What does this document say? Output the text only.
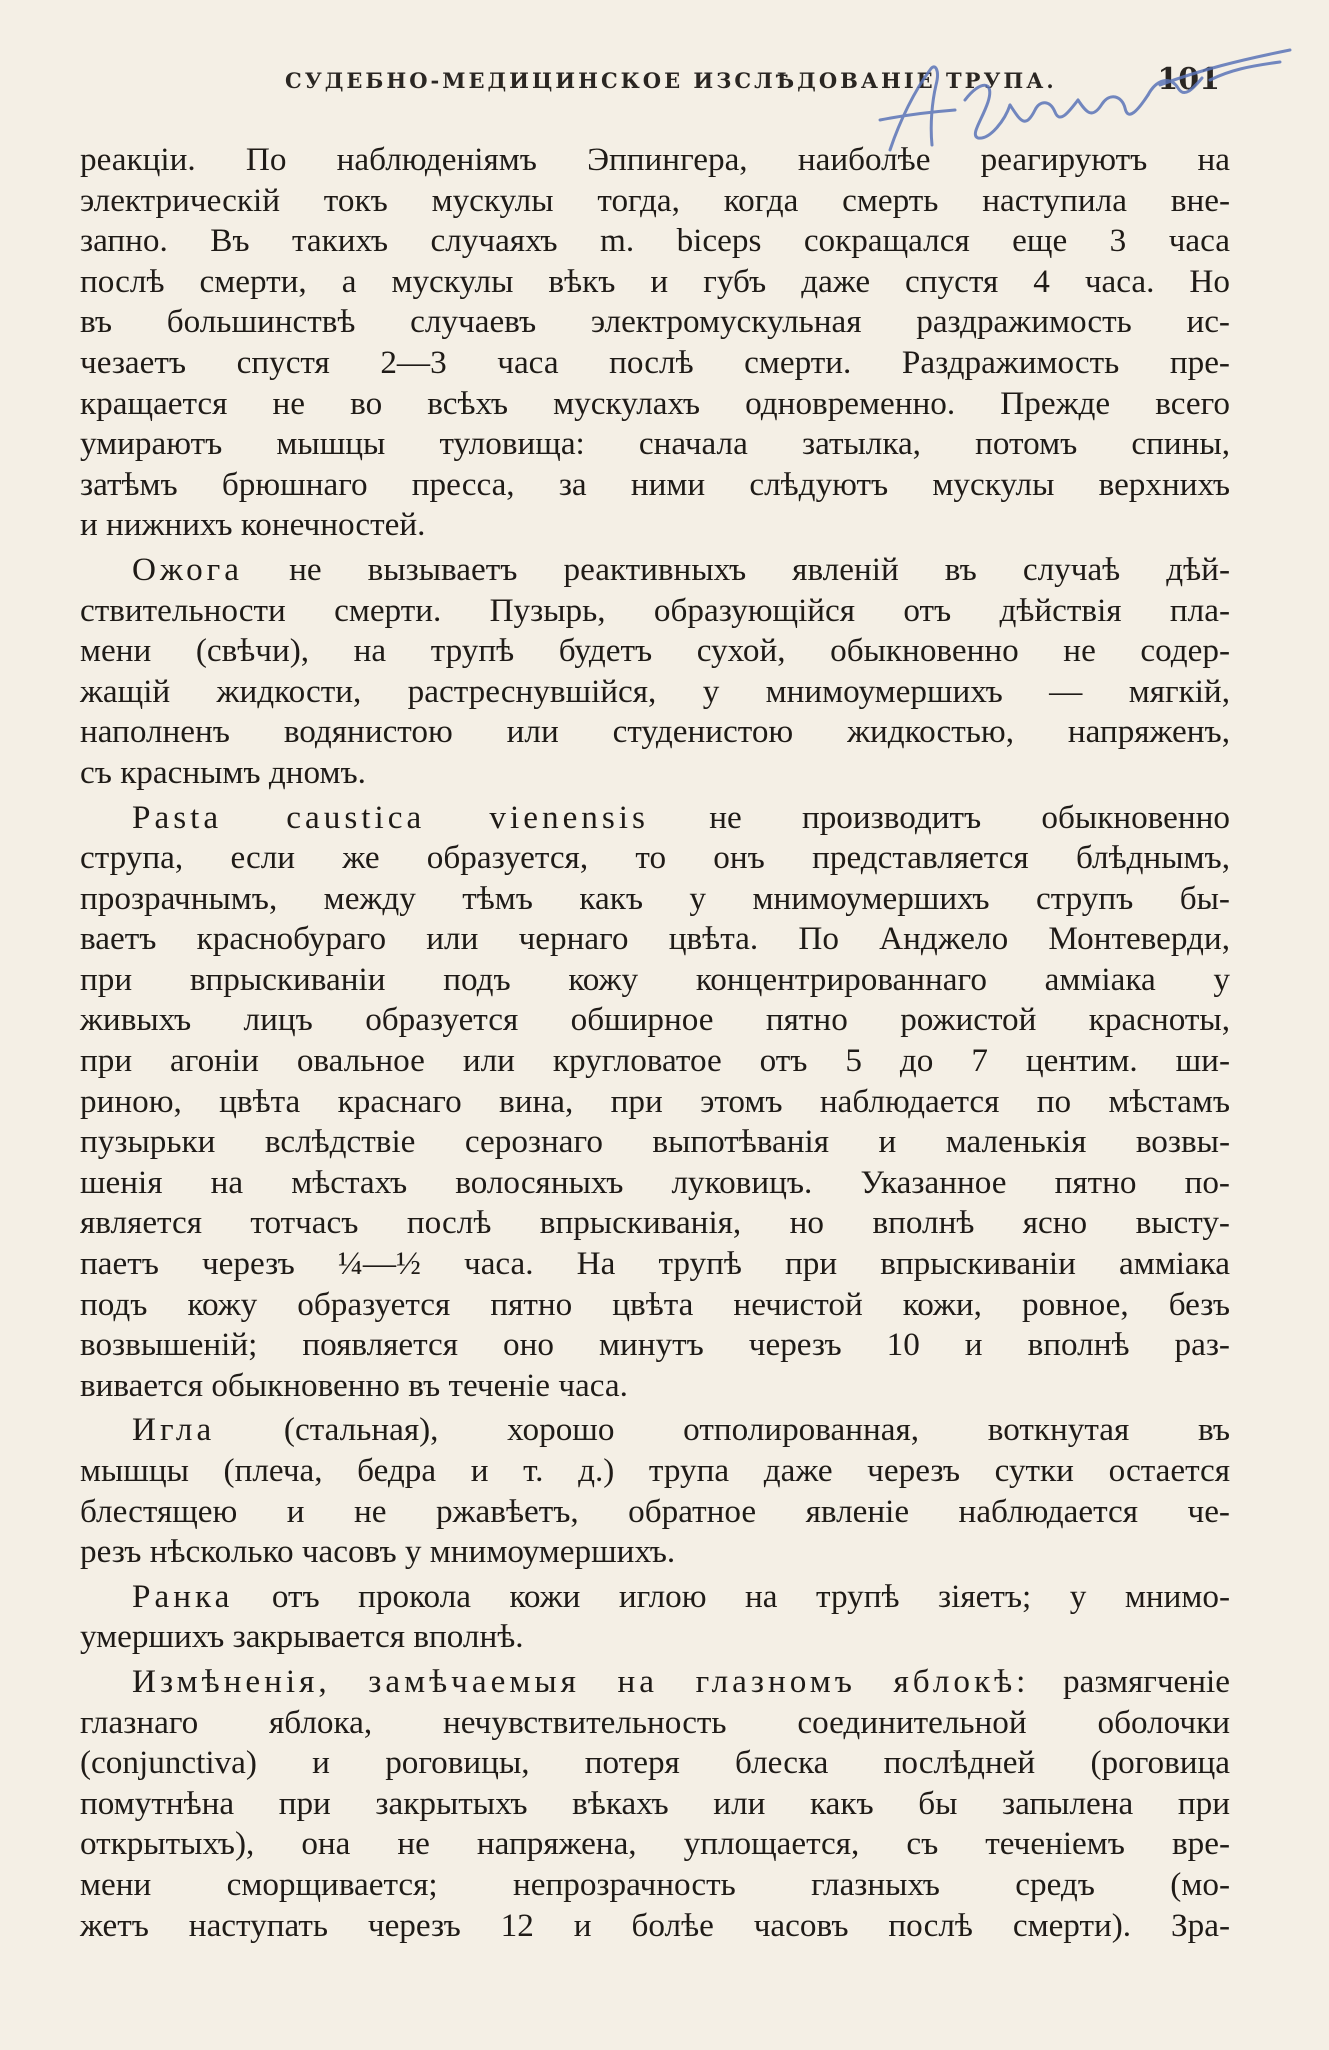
СУДЕБНО-МЕДИЦИНСКОЕ ИЗСЛѢДОВАНІЕ ТРУПА.	101
реакціи. По наблюденіямъ Эппингера, наиболѣе реагируютъ на
электрическій токъ мускулы тогда, когда смерть наступила вне-
запно. Въ такихъ случаяхъ m. biceps сокращался еще 3 часа
послѣ смерти, а мускулы вѣкъ и губъ даже спустя 4 часа. Но
въ большинствѣ случаевъ электромускульная раздражимость ис-
чезаетъ спустя 2—3 часа послѣ смерти. Раздражимость пре-
кращается не во всѣхъ мускулахъ одновременно. Прежде всего
умираютъ мышцы туловища: сначала затылка, потомъ спины,
затѣмъ брюшнаго пресса, за ними слѣдуютъ мускулы верхнихъ
и нижнихъ конечностей.
Ожога не вызываетъ реактивныхъ явленій въ случаѣ дѣй-
ствительности смерти. Пузырь, образующійся отъ дѣйствія пла-
мени (свѣчи), на трупѣ будетъ сухой, обыкновенно не содер-
жащій жидкости, растреснувшійся, у мнимоумершихъ — мягкій,
наполненъ водянистою или студенистою жидкостью, напряженъ,
съ краснымъ дномъ.
Pasta caustica vienensis не производитъ обыкновенно
струпа, если же образуется, то онъ представляется блѣднымъ,
прозрачнымъ, между тѣмъ какъ у мнимоумершихъ струпъ бы-
ваетъ краснобураго или чернаго цвѣта. По Анджело Монтеверди,
при впрыскиваніи подъ кожу концентрированнаго амміака у
живыхъ лицъ образуется обширное пятно рожистой красноты,
при агоніи овальное или кругловатое отъ 5 до 7 центим. ши-
риною, цвѣта краснаго вина, при этомъ наблюдается по мѣстамъ
пузырьки вслѣдствіе серознаго выпотѣванія и маленькія возвы-
шенія на мѣстахъ волосяныхъ луковицъ. Указанное пятно по-
является тотчасъ послѣ впрыскиванія, но вполнѣ ясно высту-
паетъ черезъ ¼—½ часа. На трупѣ при впрыскиваніи амміака
подъ кожу образуется пятно цвѣта нечистой кожи, ровное, безъ
возвышеній; появляется оно минутъ черезъ 10 и вполнѣ раз-
вивается обыкновенно въ теченіе часа.
Игла (стальная), хорошо отполированная, воткнутая въ
мышцы (плеча, бедра и т. д.) трупа даже черезъ сутки остается
блестящею и не ржавѣетъ, обратное явленіе наблюдается че-
резъ нѣсколько часовъ у мнимоумершихъ.
Ранка отъ прокола кожи иглою на трупѣ зіяетъ; у мнимо-
умершихъ закрывается вполнѣ.
Измѣненія, замѣчаемыя на глазномъ яблокѣ: размягченіе
глазнаго яблока, нечувствительность соединительной оболочки
(conjunctiva) и роговицы, потеря блеска послѣдней (роговица
помутнѣна при закрытыхъ вѣкахъ или какъ бы запылена при
открытыхъ), она не напряжена, уплощается, съ теченіемъ вре-
мени сморщивается; непрозрачность глазныхъ средъ (мо-
жетъ наступать черезъ 12 и болѣе часовъ послѣ смерти). Зра-
